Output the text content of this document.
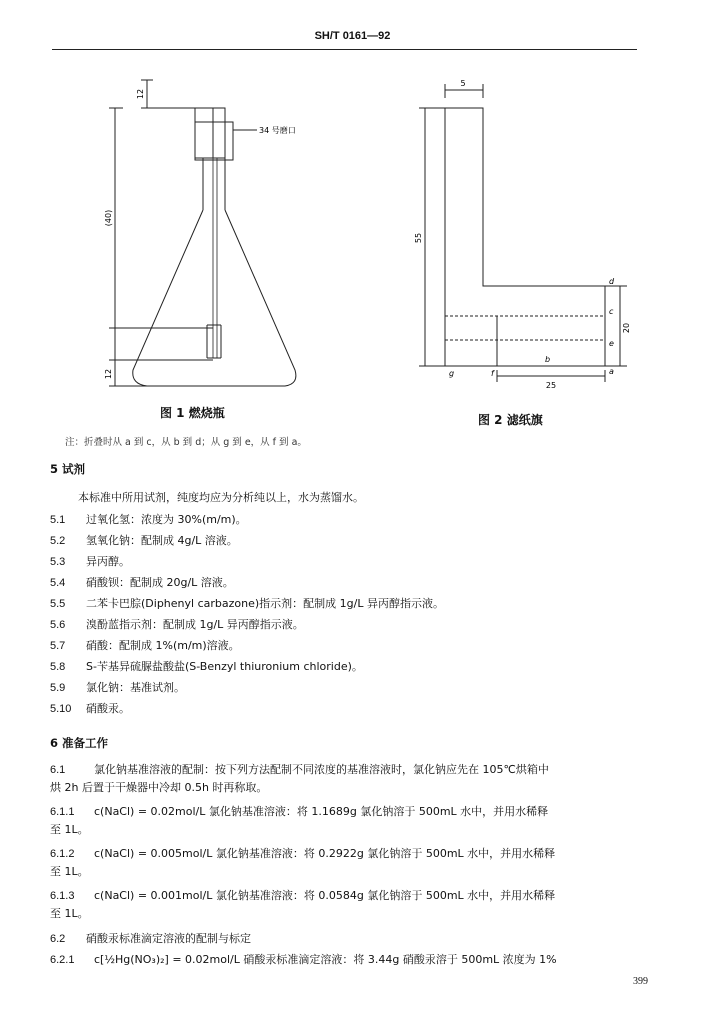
SH/T 0161—92
12
(40)
12
34 号磨口
图 1 燃烧瓶
5
55
20
25
d
c
e
a
g	f
b
图 2 滤纸旗
注：折叠时从 a 到 c，从 b 到 d；从 g 到 e，从 f 到 a。
5 试剂
本标准中所用试剂，纯度均应为分析纯以上，水为蒸馏水。
5.1 过氧化氢：浓度为 30%(m/m)。
5.2 氢氧化钠：配制成 4g/L 溶液。
5.3 异丙醇。
5.4 硝酸钡：配制成 20g/L 溶液。
5.5 二苯卡巴腙(Diphenyl carbazone)指示剂：配制成 1g/L 异丙醇指示液。
5.6 溴酚蓝指示剂：配制成 1g/L 异丙醇指示液。
5.7 硝酸：配制成 1%(m/m)溶液。
5.8 S-苄基异硫脲盐酸盐(S-Benzyl thiuronium chloride)。
5.9 氯化钠：基准试剂。
5.10 硝酸汞。
6 准备工作
6.1	氯化钠基准溶液的配制：按下列方法配制不同浓度的基准溶液时，氯化钠应先在 105℃烘箱中
烘 2h 后置于干燥器中冷却 0.5h 时再称取。
6.1.1 c(NaCl) = 0.02mol/L 氯化钠基准溶液：将 1.1689g 氯化钠溶于 500mL 水中，并用水稀释
至 1L。
6.1.2 c(NaCl) = 0.005mol/L 氯化钠基准溶液：将 0.2922g 氯化钠溶于 500mL 水中，并用水稀释
至 1L。
6.1.3 c(NaCl) = 0.001mol/L 氯化钠基准溶液：将 0.0584g 氯化钠溶于 500mL 水中，并用水稀释
至 1L。
6.2 硝酸汞标准滴定溶液的配制与标定
6.2.1 c[½Hg(NO₃)₂] = 0.02mol/L 硝酸汞标准滴定溶液：将 3.44g 硝酸汞溶于 500mL 浓度为 1%
399
